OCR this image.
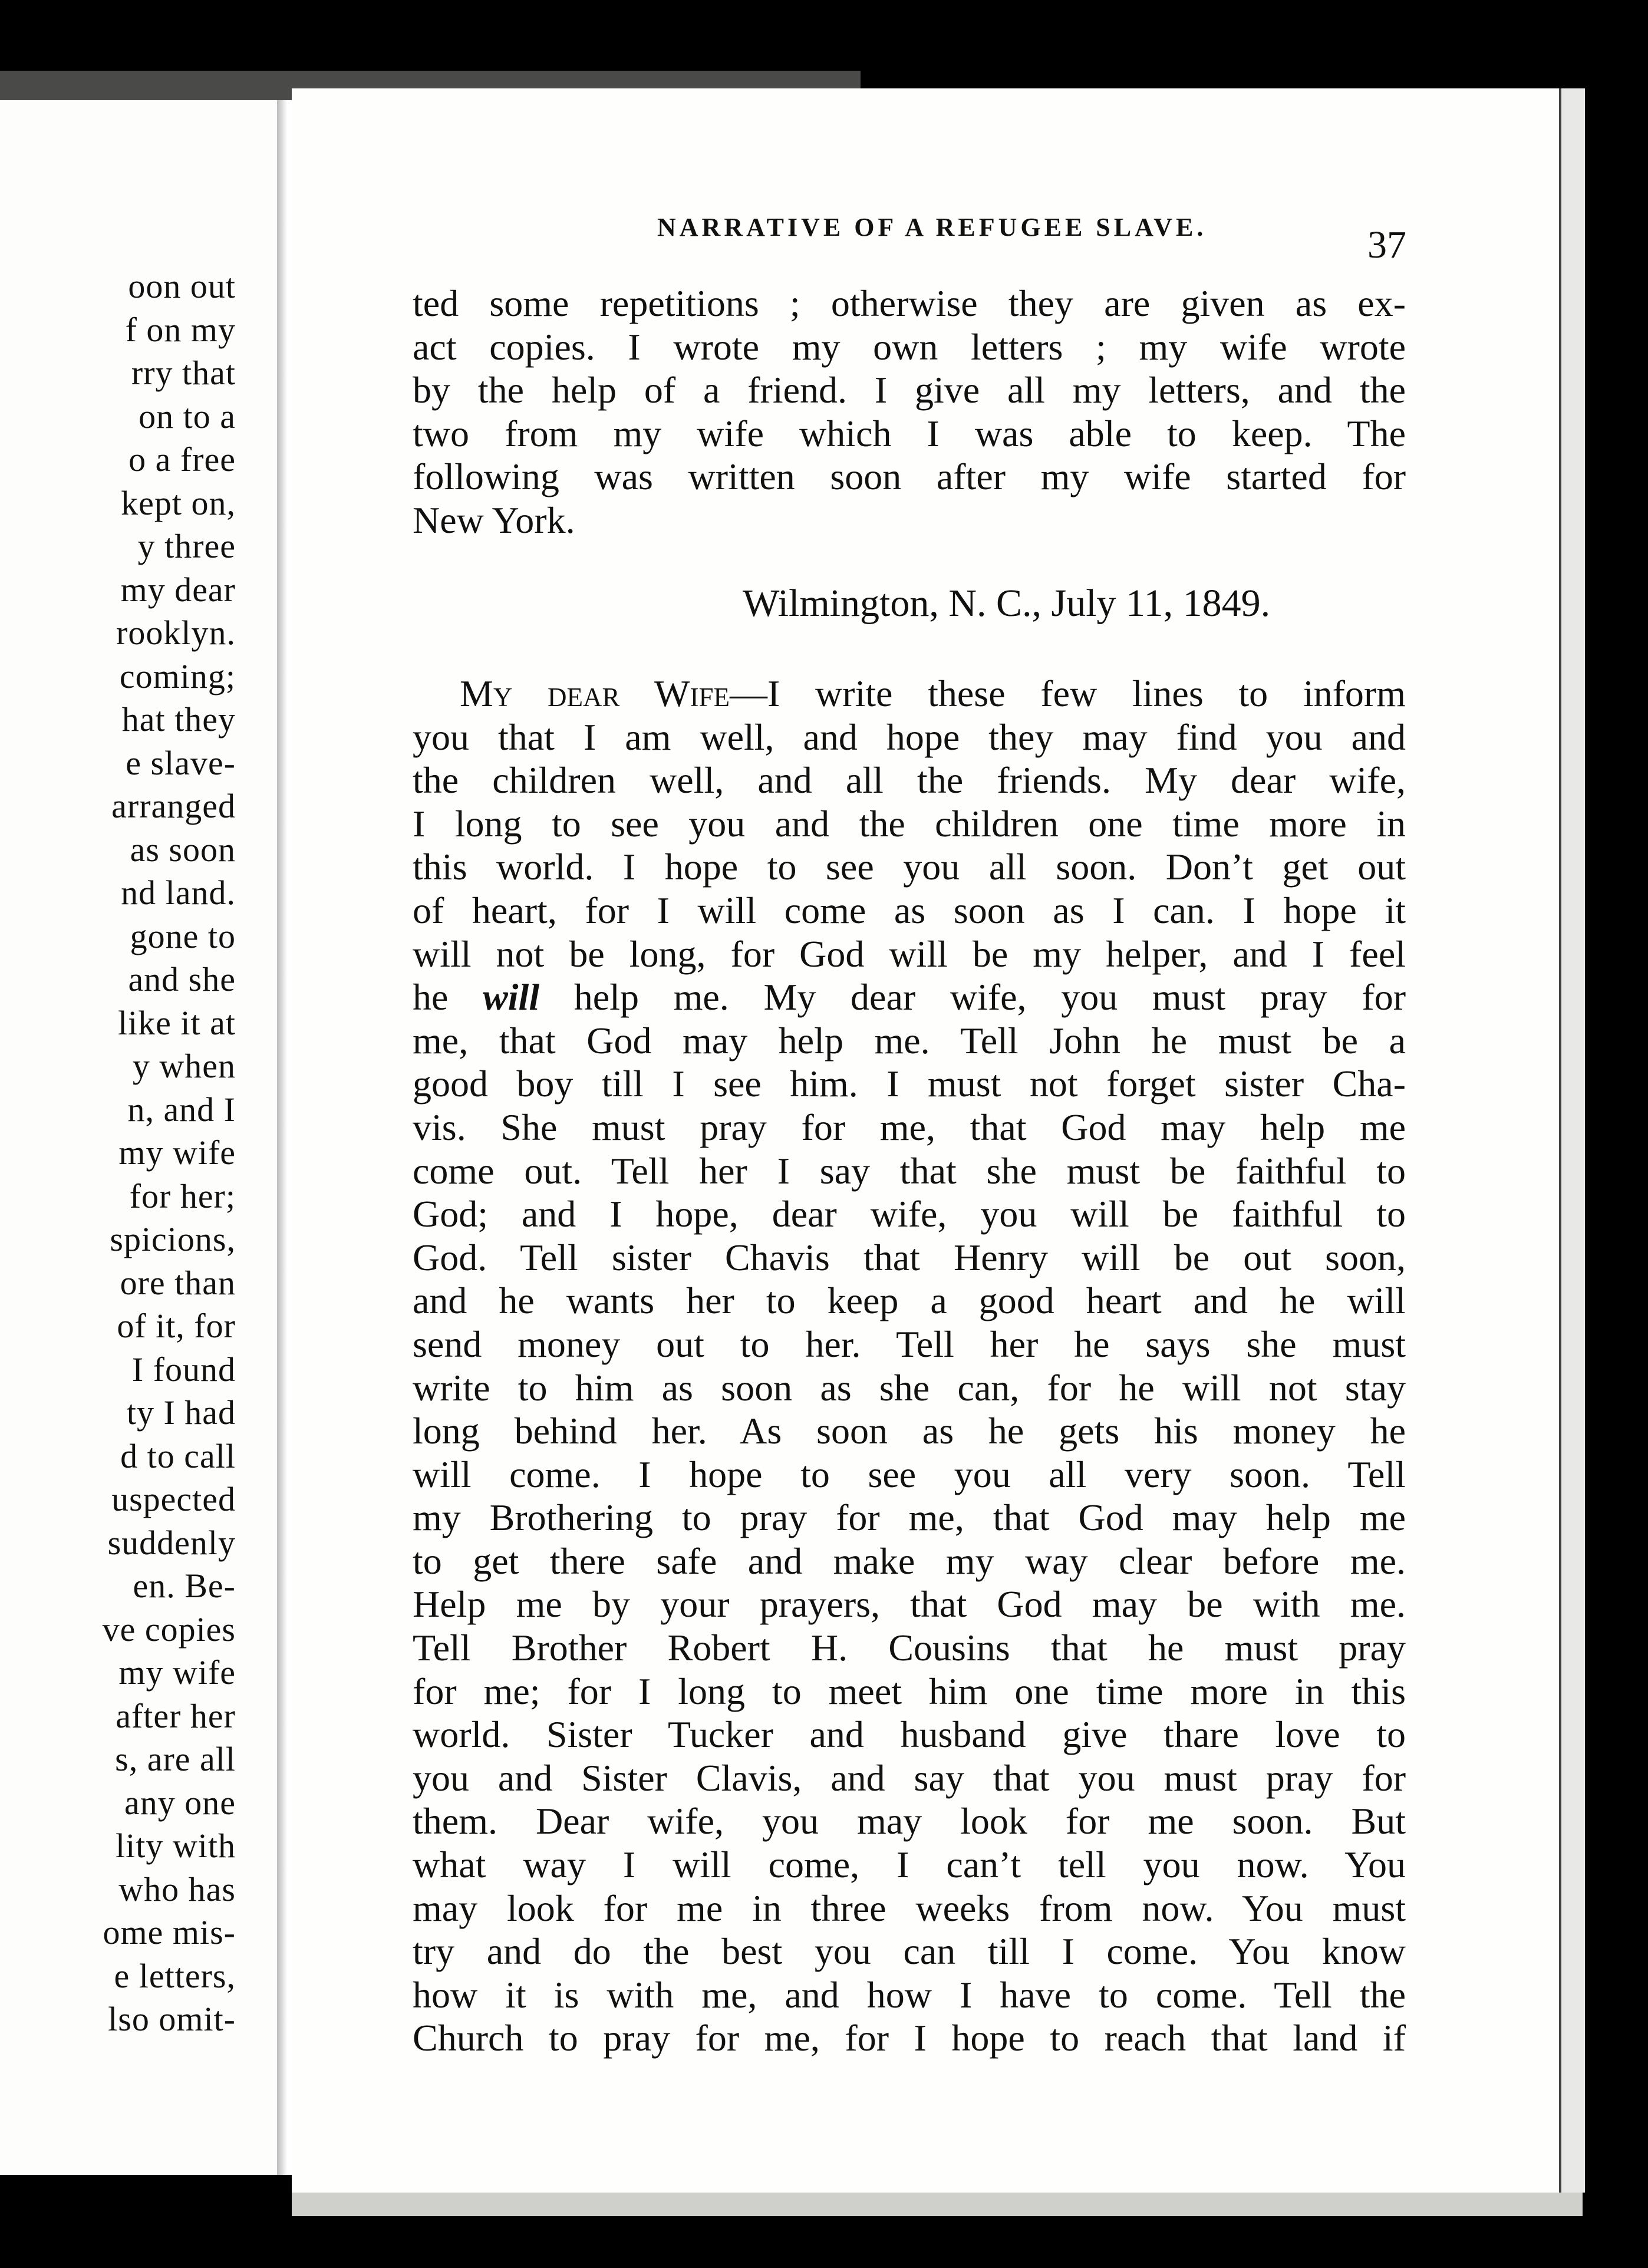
oon out
f on my
rry that
on to a
o a free
kept on,
y three
my dear
rooklyn.
coming;
hat they
e slave-
arranged
as soon
nd land.
gone to
and she
like it at
y when
n, and I
my wife
for her;
spicions,
ore than
of it, for
I found
ty I had
d to call
uspected
suddenly
en. Be-
ve copies
my wife
after her
s, are all
any one
lity with
who has
ome mis-
e letters,
lso omit-
NARRATIVE OF A REFUGEE SLAVE.	37
ted some repetitions ; otherwise they are given as ex-
act copies. I wrote my own letters ; my wife wrote
by the help of a friend. I give all my letters, and the
two from my wife which I was able to keep. The
following was written soon after my wife started for
New York.
Wilmington, N. C., July 11, 1849.
My dear Wife—I write these few lines to inform
you that I am well, and hope they may find you and
the children well, and all the friends. My dear wife,
I long to see you and the children one time more in
this world. I hope to see you all soon. Don’t get out
of heart, for I will come as soon as I can. I hope it
will not be long, for God will be my helper, and I feel
he will help me. My dear wife, you must pray for
me, that God may help me. Tell John he must be a
good boy till I see him. I must not forget sister Cha-
vis. She must pray for me, that God may help me
come out. Tell her I say that she must be faithful to
God; and I hope, dear wife, you will be faithful to
God. Tell sister Chavis that Henry will be out soon,
and he wants her to keep a good heart and he will
send money out to her. Tell her he says she must
write to him as soon as she can, for he will not stay
long behind her. As soon as he gets his money he
will come. I hope to see you all very soon. Tell
my Brothering to pray for me, that God may help me
to get there safe and make my way clear before me.
Help me by your prayers, that God may be with me.
Tell Brother Robert H. Cousins that he must pray
for me; for I long to meet him one time more in this
world. Sister Tucker and husband give thare love to
you and Sister Clavis, and say that you must pray for
them. Dear wife, you may look for me soon. But
what way I will come, I can’t tell you now. You
may look for me in three weeks from now. You must
try and do the best you can till I come. You know
how it is with me, and how I have to come. Tell the
Church to pray for me, for I hope to reach that land if
